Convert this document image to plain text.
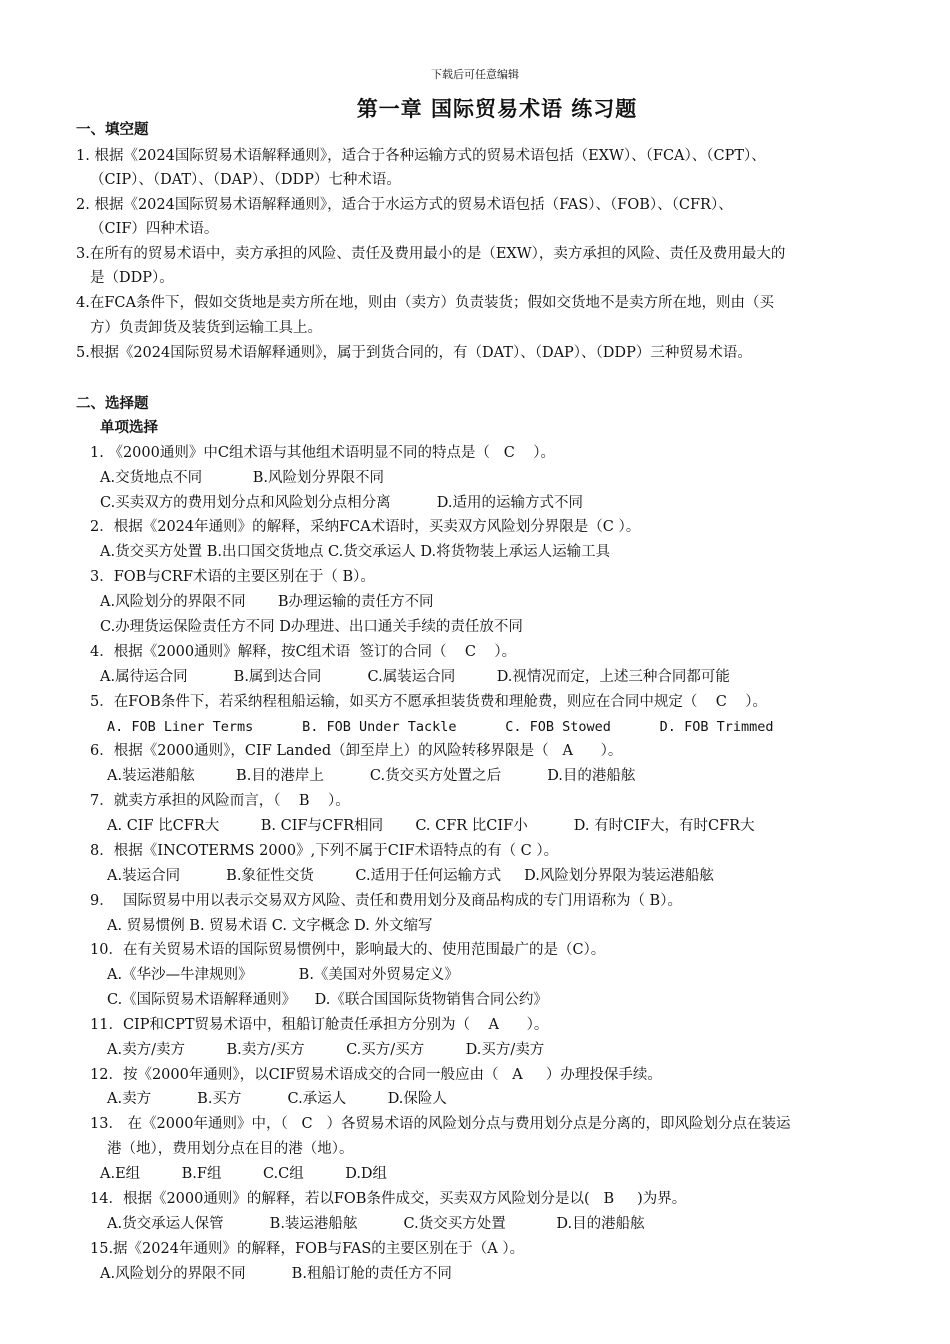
下载后可任意编辑
第一章 国际贸易术语 练习题
一、填空题
1. 根据《2024国际贸易术语解释通则》，适合于各种运输方式的贸易术语包括（EXW）、（FCA）、（CPT）、
（CIP）、（DAT）、（DAP）、（DDP）七种术语。
2. 根据《2024国际贸易术语解释通则》，适合于水运方式的贸易术语包括（FAS）、（FOB）、（CFR）、
（CIF）四种术语。
3.在所有的贸易术语中，卖方承担的风险、责任及费用最小的是（EXW），卖方承担的风险、责任及费用最大的
是（DDP）。
4.在FCA条件下，假如交货地是卖方所在地，则由（卖方）负责装货；假如交货地不是卖方所在地，则由（买
方）负责卸货及装货到运输工具上。
5.根据《2024国际贸易术语解释通则》，属于到货合同的，有（DAT）、（DAP）、（DDP）三种贸易术语。
二、选择题
单项选择
1. 《2000通则》中C组术语与其他组术语明显不同的特点是（   C    ）。
A.交货地点不同           B.风险划分界限不同
C.买卖双方的费用划分点和风险划分点相分离          D.适用的运输方式不同
2．根据《2024年通则》的解释，采纳FCA术语时，买卖双方风险划分界限是（C ）。
A.货交买方处置 B.出口国交货地点 C.货交承运人 D.将货物装上承运人运输工具
3．FOB与CRF术语的主要区别在于（ B）。
A.风险划分的界限不同       B办理运输的责任方不同
C.办理货运保险责任方不同 D办理进、出口通关手续的责任放不同
4．根据《2000通则》解释，按C组术语  签订的合同（    C    ）。
A.属待运合同          B.属到达合同          C.属装运合同         D.视情况而定，上述三种合同都可能
5．在FOB条件下，若采纳程租船运输，如买方不愿承担装货费和理舱费，则应在合同中规定（    C    ）。
A. FOB Liner Terms      B. FOB Under Tackle      C. FOB Stowed      D. FOB Trimmed
6．根据《2000通则》，CIF Landed（卸至岸上）的风险转移界限是（   A      ）。
A.装运港船舷         B.目的港岸上          C.货交买方处置之后          D.目的港船舷
7．就卖方承担的风险而言，（    B    ）。
A. CIF 比CFR大         B. CIF与CFR相同       C. CFR 比CIF小          D. 有时CIF大，有时CFR大
8．根据《INCOTERMS 2000》,下列不属于CIF术语特点的有（ C ）。
A.装运合同          B.象征性交货         C.适用于任何运输方式     D.风险划分界限为装运港船舷
9．  国际贸易中用以表示交易双方风险、责任和费用划分及商品构成的专门用语称为（ B）。
A. 贸易惯例 B. 贸易术语 C. 文字概念 D. 外文缩写
10．在有关贸易术语的国际贸易惯例中，影响最大的、使用范围最广的是（C）。
A.《华沙—牛津规则》          B.《美国对外贸易定义》
C.《国际贸易术语解释通则》    D.《联合国国际货物销售合同公约》
11．CIP和CPT贸易术语中，租船订舱责任承担方分别为（    A      ）。
A.卖方/卖方         B.卖方/买方         C.买方/买方         D.买方/卖方
12．按《2000年通则》，以CIF贸易术语成交的合同一般应由（   A     ）办理投保手续。
A.卖方          B.买方          C.承运人         D.保险人
13． 在《2000年通则》中，（   C   ）各贸易术语的风险划分点与费用划分点是分离的，即风险划分点在装运
港（地），费用划分点在目的港（地）。
A.E组         B.F组         C.C组         D.D组
14．根据《2000通则》的解释，若以FOB条件成交，买卖双方风险划分是以(   B     )为界。
A.货交承运人保管          B.装运港船舷          C.货交买方处置           D.目的港船舷
15.据《2024年通则》的解释，FOB与FAS的主要区别在于（A ）。
A.风险划分的界限不同          B.租船订舱的责任方不同
